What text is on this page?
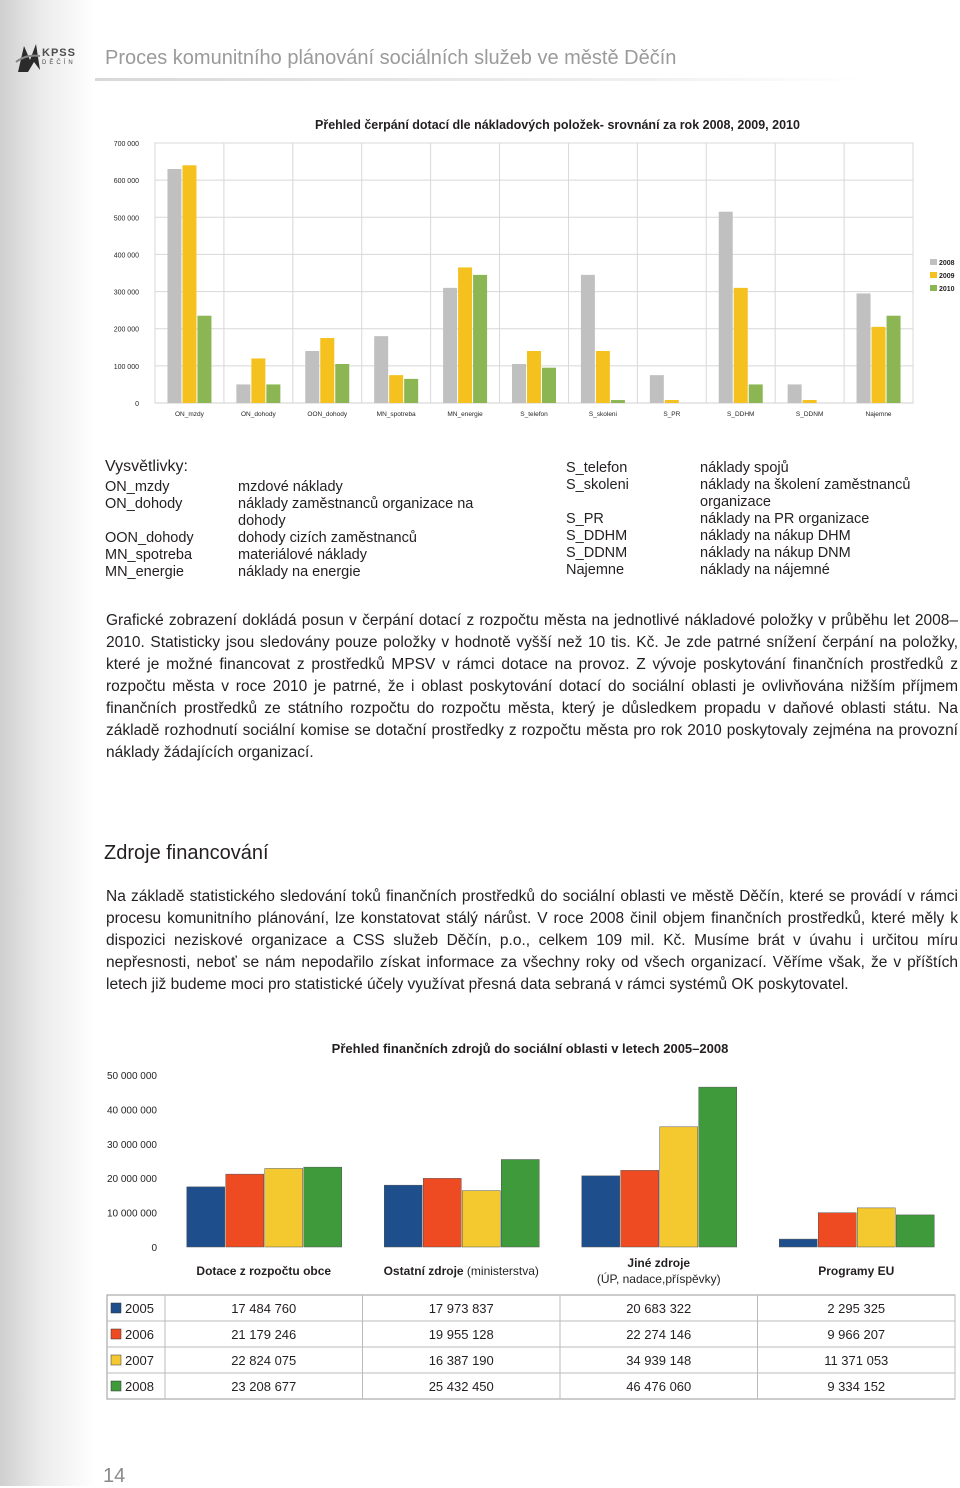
KPSS
DĚČÍN Proces komunitního plánování sociálních služeb ve městě Děčín
Přehled čerpání dotací dle nákladových položek- srovnání za rok 2008, 2009, 2010
0
100 000
200 000
300 000
400 000
500 000
600 000
700 000
ON_mzdy	ON_dohody	OON_dohody	MN_spotreba	MN_energie	S_telefon	S_skoleni	S_PR	S_DDHM	S_DDNM	Najemne
2008
2009
2010
Vysvětlivky:
ON_mzdy	mzdové náklady
ON_dohody	náklady zaměstnanců organizace na
dohody
OON_dohody	dohody cizích zaměstnanců
MN_spotreba	materiálové náklady
MN_energie	náklady na energie
S_telefon	náklady spojů
S_skoleni	náklady na školení zaměstnanců
organizace
S_PR	náklady na PR organizace
S_DDHM	náklady na nákup DHM
S_DDNM	náklady na nákup DNM
Najemne	náklady na nájemné
Grafické zobrazení dokládá posun v čerpání dotací z rozpočtu města na jednotlivé nákladové položky v průběhu let 2008–2010. Statisticky jsou sledovány pouze položky v hodnotě vyšší než 10 tis. Kč. Je zde patrné snížení čerpání na položky, které je možné financovat z prostředků MPSV v rámci dotace na provoz. Z vývoje poskytování finančních prostředků z rozpočtu města v roce 2010 je patrné, že i oblast poskytování dotací do sociální oblasti je ovlivňována nižším příjmem finančních prostředků ze státního rozpočtu do rozpočtu města, který je důsledkem propadu v daňové oblasti státu. Na základě rozhodnutí sociální komise se dotační prostředky z rozpočtu města pro rok 2010 poskytovaly zejména na provozní náklady žádajících organizací.
Zdroje financování
Na základě statistického sledování toků finančních prostředků do sociální oblasti ve městě Děčín, které se provádí v rámci procesu komunitního plánování, lze konstatovat stálý nárůst. V roce 2008 činil objem finančních prostředků, které měly k dispozici neziskové organizace a CSS služeb Děčín, p.o., celkem 109 mil. Kč. Musíme brát v úvahu i určitou míru nepřesnosti, neboť se nám nepodařilo získat informace za všechny roky od všech organizací. Věříme však, že v příštích letech již budeme moci pro statistické účely využívat přesná data sebraná v rámci systémů OK poskytovatel.
Přehled finančních zdrojů do sociální oblasti v letech 2005–2008
0
10 000 000
20 000 000
30 000 000
40 000 000
50 000 000
Dotace z rozpočtu obce	Ostatní zdroje (ministerstva)
Jiné zdroje
(ÚP, nadace,příspěvky)
Programy EU
2005	17 484 760	17 973 837	20 683 322	2 295 325
2006	21 179 246	19 955 128	22 274 146	9 966 207
2007	22 824 075	16 387 190	34 939 148	11 371 053
2008	23 208 677	25 432 450	46 476 060	9 334 152
14
